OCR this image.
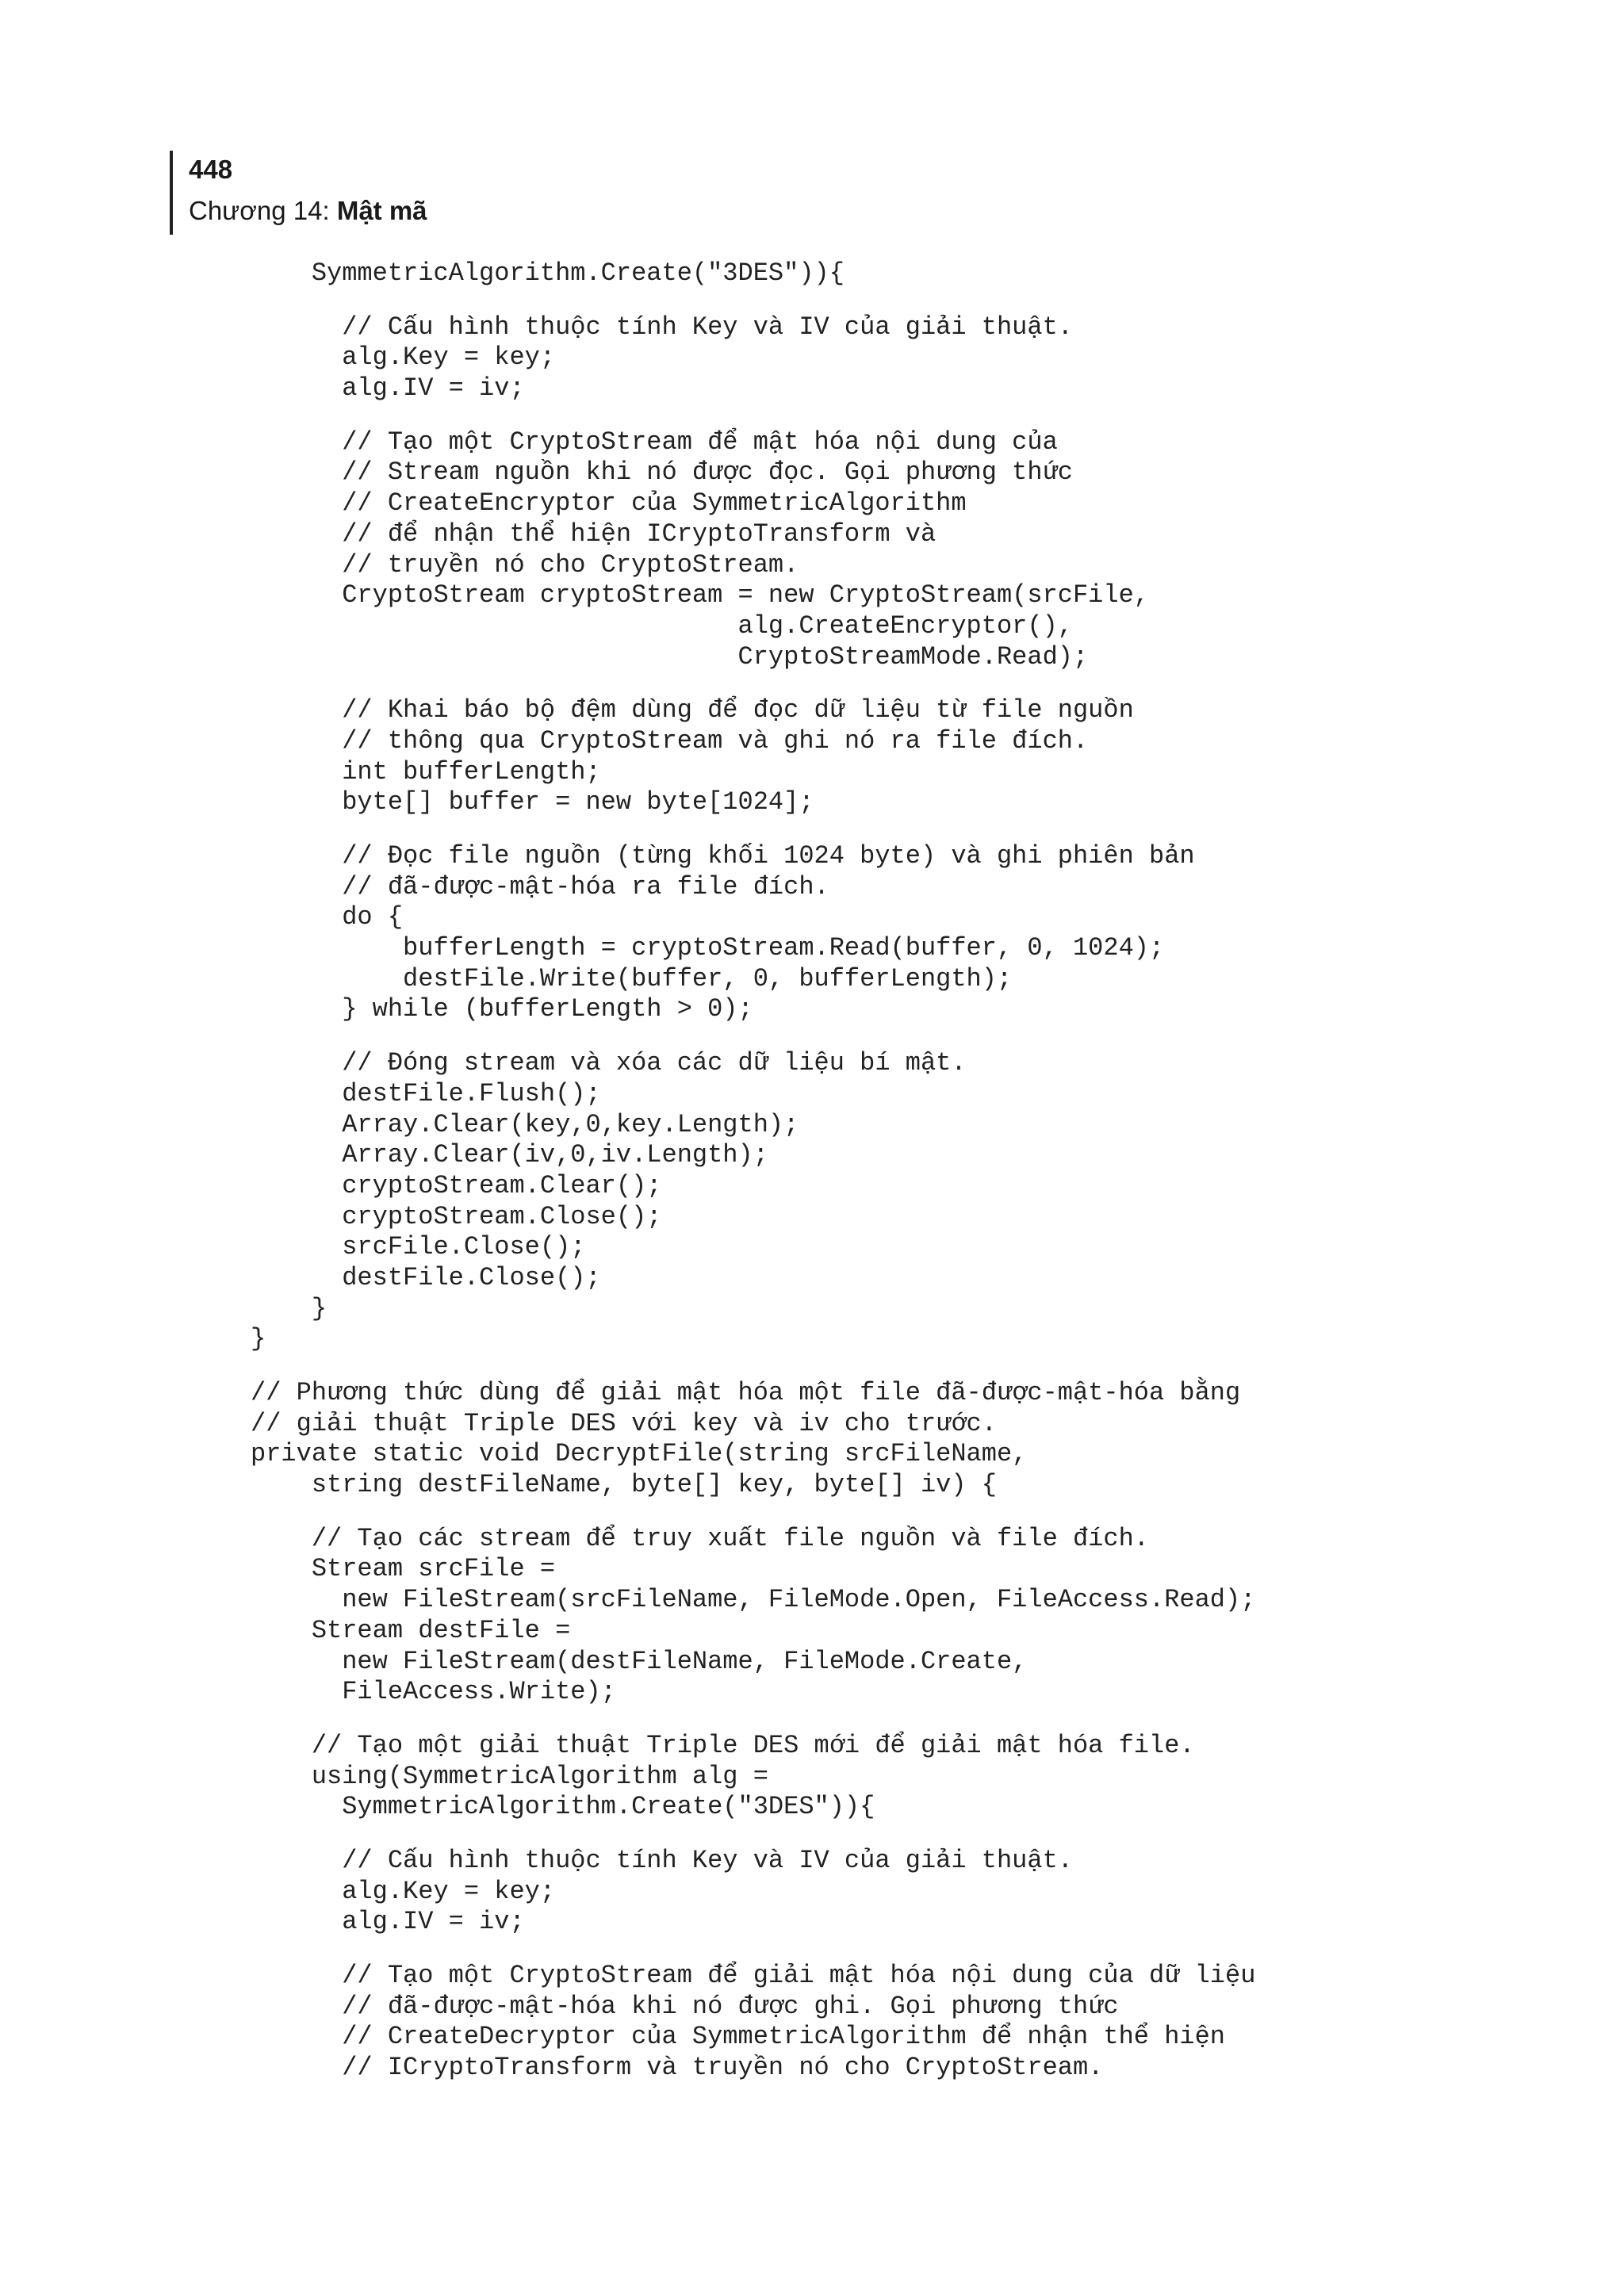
448
Chương 14: Mật mã
SymmetricAlgorithm.Create("3DES")){
// Cấu hình thuộc tính Key và IV của giải thuật.
alg.Key = key;
alg.IV = iv;
// Tạo một CryptoStream để mật hóa nội dung của
// Stream nguồn khi nó được đọc. Gọi phương thức
// CreateEncryptor của SymmetricAlgorithm
// để nhận thể hiện ICryptoTransform và
// truyền nó cho CryptoStream.
CryptoStream cryptoStream = new CryptoStream(srcFile,
alg.CreateEncryptor(),
CryptoStreamMode.Read);
// Khai báo bộ đệm dùng để đọc dữ liệu từ file nguồn
// thông qua CryptoStream và ghi nó ra file đích.
int bufferLength;
byte[] buffer = new byte[1024];
// Đọc file nguồn (từng khối 1024 byte) và ghi phiên bản
// đã-được-mật-hóa ra file đích.
do {
bufferLength = cryptoStream.Read(buffer, 0, 1024);
destFile.Write(buffer, 0, bufferLength);
} while (bufferLength > 0);
// Đóng stream và xóa các dữ liệu bí mật.
destFile.Flush();
Array.Clear(key,0,key.Length);
Array.Clear(iv,0,iv.Length);
cryptoStream.Clear();
cryptoStream.Close();
srcFile.Close();
destFile.Close();
}
}
// Phương thức dùng để giải mật hóa một file đã-được-mật-hóa bằng
// giải thuật Triple DES với key và iv cho trước.
private static void DecryptFile(string srcFileName,
string destFileName, byte[] key, byte[] iv) {
// Tạo các stream để truy xuất file nguồn và file đích.
Stream srcFile =
new FileStream(srcFileName, FileMode.Open, FileAccess.Read);
Stream destFile =
new FileStream(destFileName, FileMode.Create,
FileAccess.Write);
// Tạo một giải thuật Triple DES mới để giải mật hóa file.
using(SymmetricAlgorithm alg =
SymmetricAlgorithm.Create("3DES")){
// Cấu hình thuộc tính Key và IV của giải thuật.
alg.Key = key;
alg.IV = iv;
// Tạo một CryptoStream để giải mật hóa nội dung của dữ liệu
// đã-được-mật-hóa khi nó được ghi. Gọi phương thức
// CreateDecryptor của SymmetricAlgorithm để nhận thể hiện
// ICryptoTransform và truyền nó cho CryptoStream.
